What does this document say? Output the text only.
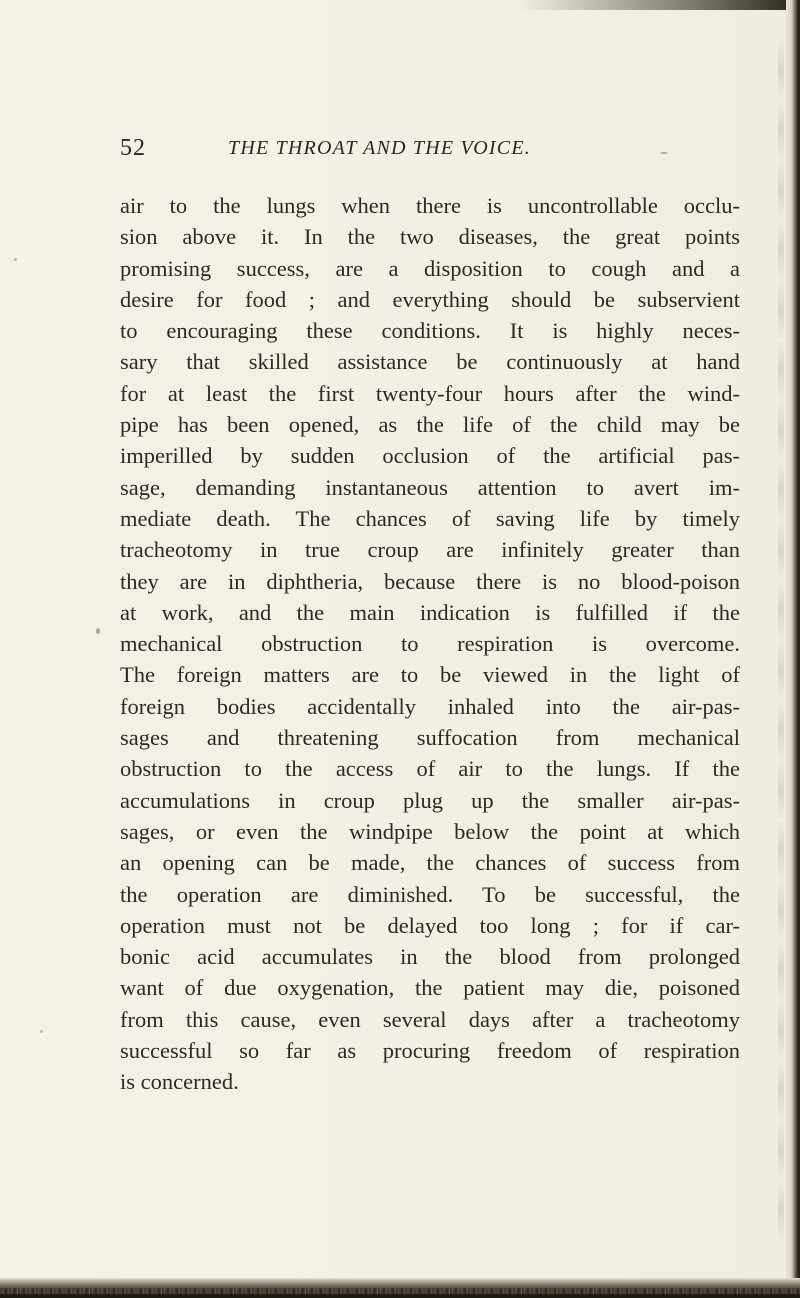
52	THE THROAT AND THE VOICE.
air to the lungs when there is uncontrollable occlu-
sion above it. In the two diseases, the great points
promising success, are a disposition to cough and a
desire for food ; and everything should be subservient
to encouraging these conditions. It is highly neces-
sary that skilled assistance be continuously at hand
for at least the first twenty-four hours after the wind-
pipe has been opened, as the life of the child may be
imperilled by sudden occlusion of the artificial pas-
sage, demanding instantaneous attention to avert im-
mediate death. The chances of saving life by timely
tracheotomy in true croup are infinitely greater than
they are in diphtheria, because there is no blood-poison
at work, and the main indication is fulfilled if the
mechanical obstruction to respiration is overcome.
The foreign matters are to be viewed in the light of
foreign bodies accidentally inhaled into the air-pas-
sages and threatening suffocation from mechanical
obstruction to the access of air to the lungs. If the
accumulations in croup plug up the smaller air-pas-
sages, or even the windpipe below the point at which
an opening can be made, the chances of success from
the operation are diminished. To be successful, the
operation must not be delayed too long ; for if car-
bonic acid accumulates in the blood from prolonged
want of due oxygenation, the patient may die, poisoned
from this cause, even several days after a tracheotomy
successful so far as procuring freedom of respiration
is concerned.
